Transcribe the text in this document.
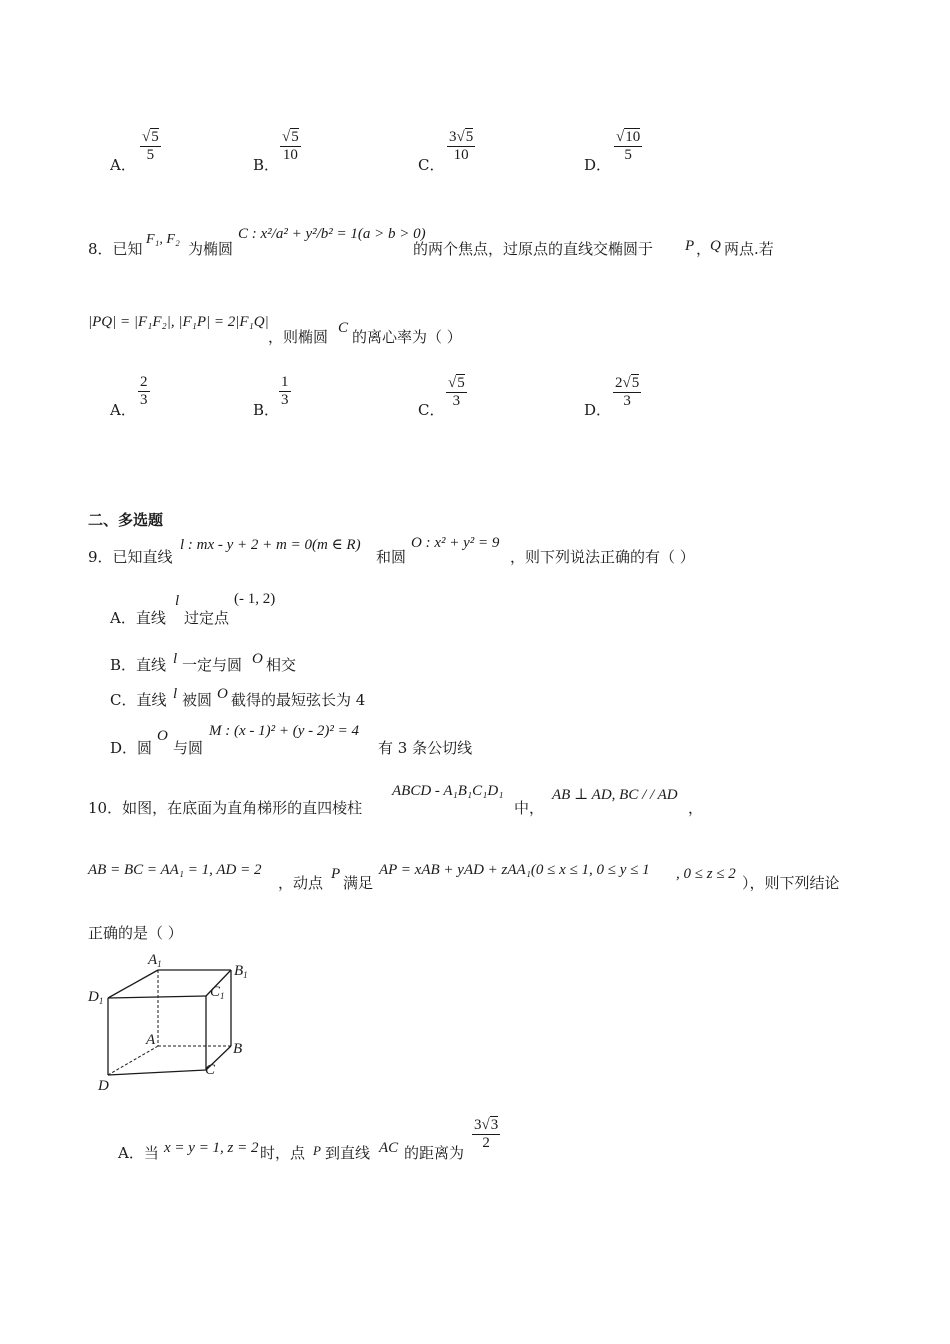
A．
$\frac{√5}{5}$
B．
$\frac{√5}{10}$
C．
$\frac{3√5}{10}$
D．
$\frac{√10}{5}$
8．已知
F₁, F₂
为椭圆
C : x²/a² + y²/b² = 1(a > b > 0)
的两个焦点，过原点的直线交椭圆于 P ，
Q 两点.若
|PQ| = |F₁F₂|, |F₁P| = 2|F₁Q|
，则椭圆 C 的离心率为（ ）
A．
$\frac{2}{3}$
B．
$\frac{1}{3}$
C． $\frac{√5}{3}$	D． $\frac{2√5}{3}$
二、多选题
9．已知直线
l : mx - y + 2 + m = 0(m ∈ R)
和圆
O : x² + y² = 9
，则下列说法正确的有（ ）
A．直线
l
过定点
(- 1, 2)
B．直线 l 一定与圆 O 相交
C．直线 l 被圆 O 截得的最短弦长为 4
D．圆
O
与圆
M : (x - 1)² + (y - 2)² = 4
有 3 条公切线
10．如图，在底面为直角梯形的直四棱柱
ABCD - A₁B₁C₁D₁
中，
AB ⊥ AD, BC / / AD
，
AB = BC = AA₁ = 1, AD = 2
，动点 P 满足
AP = xAB + yAD + zAA₁(0 ≤ x ≤ 1, 0 ≤ y ≤ 1 , 0 ≤ z ≤ 2 ），则下列结论
正确的是（ ）
$A_1$	$B_1$
$C_1$
$D_1$
A
B
C
D
A．当 x = y = 1, z = 2 时，点 P 到直线 AC 的距离为
$\frac{3√3}{2}$
